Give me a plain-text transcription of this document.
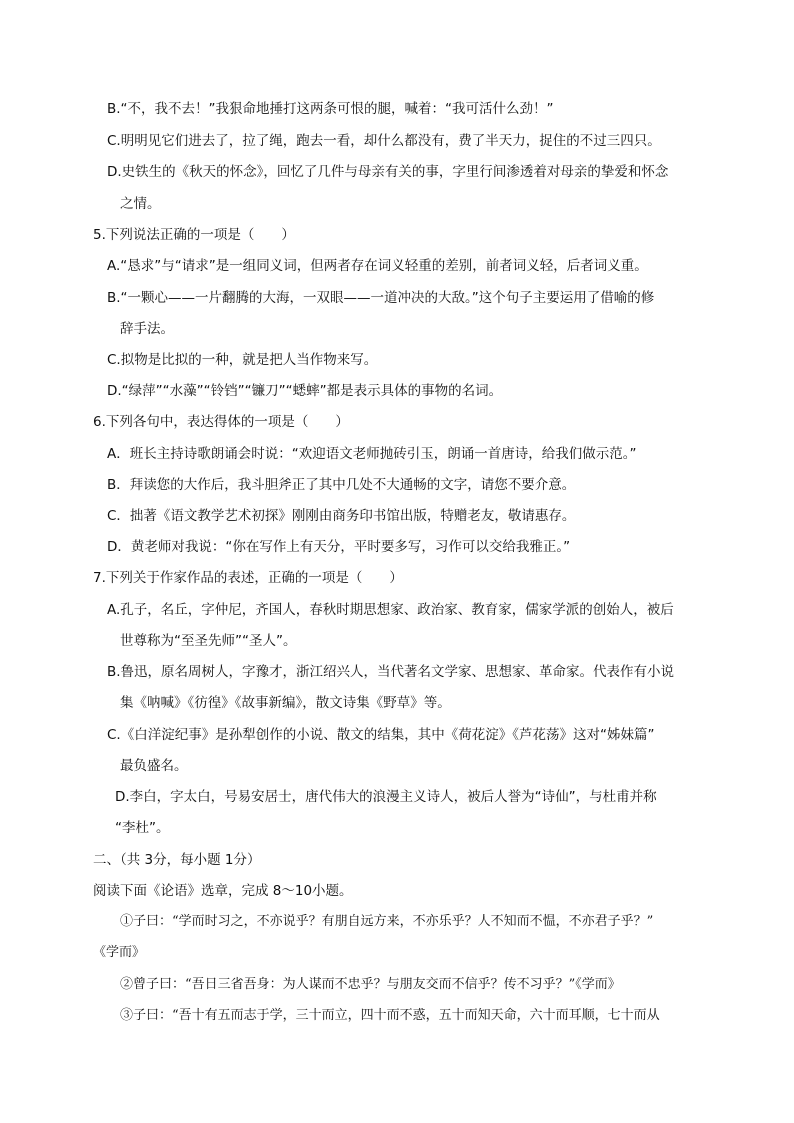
B.“不，我不去！”我狠命地捶打这两条可恨的腿，喊着：“我可活什么劲！”
C.明明见它们进去了，拉了绳，跑去一看，却什么都没有，费了半天力，捉住的不过三四只。
D.史铁生的《秋天的怀念》，回忆了几件与母亲有关的事，字里行间渗透着对母亲的挚爱和怀念
之情。
5.下列说法正确的一项是（　　）
A.“恳求”与“请求”是一组同义词，但两者存在词义轻重的差别，前者词义轻，后者词义重。
B.“一颗心——一片翻腾的大海，一双眼——一道冲决的大敌。”这个句子主要运用了借喻的修
辞手法。
C.拟物是比拟的一种，就是把人当作物来写。
D.“绿萍”“水藻”“铃铛”“镰刀”“蟋蟀”都是表示具体的事物的名词。
6.下列各句中，表达得体的一项是（　　）
A．班长主持诗歌朗诵会时说：“欢迎语文老师抛砖引玉，朗诵一首唐诗，给我们做示范。”
B．拜读您的大作后，我斗胆斧正了其中几处不大通畅的文字，请您不要介意。
C．拙著《语文教学艺术初探》刚刚由商务印书馆出版，特赠老友，敬请惠存。
D．黄老师对我说：“你在写作上有天分，平时要多写，习作可以交给我雅正。”
7.下列关于作家作品的表述，正确的一项是（　　）
A.孔子，名丘，字仲尼，齐国人，春秋时期思想家、政治家、教育家，儒家学派的创始人，被后
世尊称为“至圣先师”“圣人”。
B.鲁迅，原名周树人，字豫才，浙江绍兴人，当代著名文学家、思想家、革命家。代表作有小说
集《呐喊》《彷徨》《故事新编》，散文诗集《野草》等。
C.《白洋淀纪事》是孙犁创作的小说、散文的结集，其中《荷花淀》《芦花荡》这对“姊妹篇”
最负盛名。
D.李白，字太白，号易安居士，唐代伟大的浪漫主义诗人，被后人誉为“诗仙”，与杜甫并称
“李杜”。
二、（共 3分，每小题 1分）
阅读下面《论语》选章，完成 8～10小题。
①子曰：“学而时习之，不亦说乎？有朋自远方来，不亦乐乎？人不知而不愠，不亦君子乎？”
《学而》
②曾子曰：“吾日三省吾身：为人谋而不忠乎？与朋友交而不信乎？传不习乎？”《学而》
③子曰：“吾十有五而志于学，三十而立，四十而不惑，五十而知天命，六十而耳顺，七十而从
